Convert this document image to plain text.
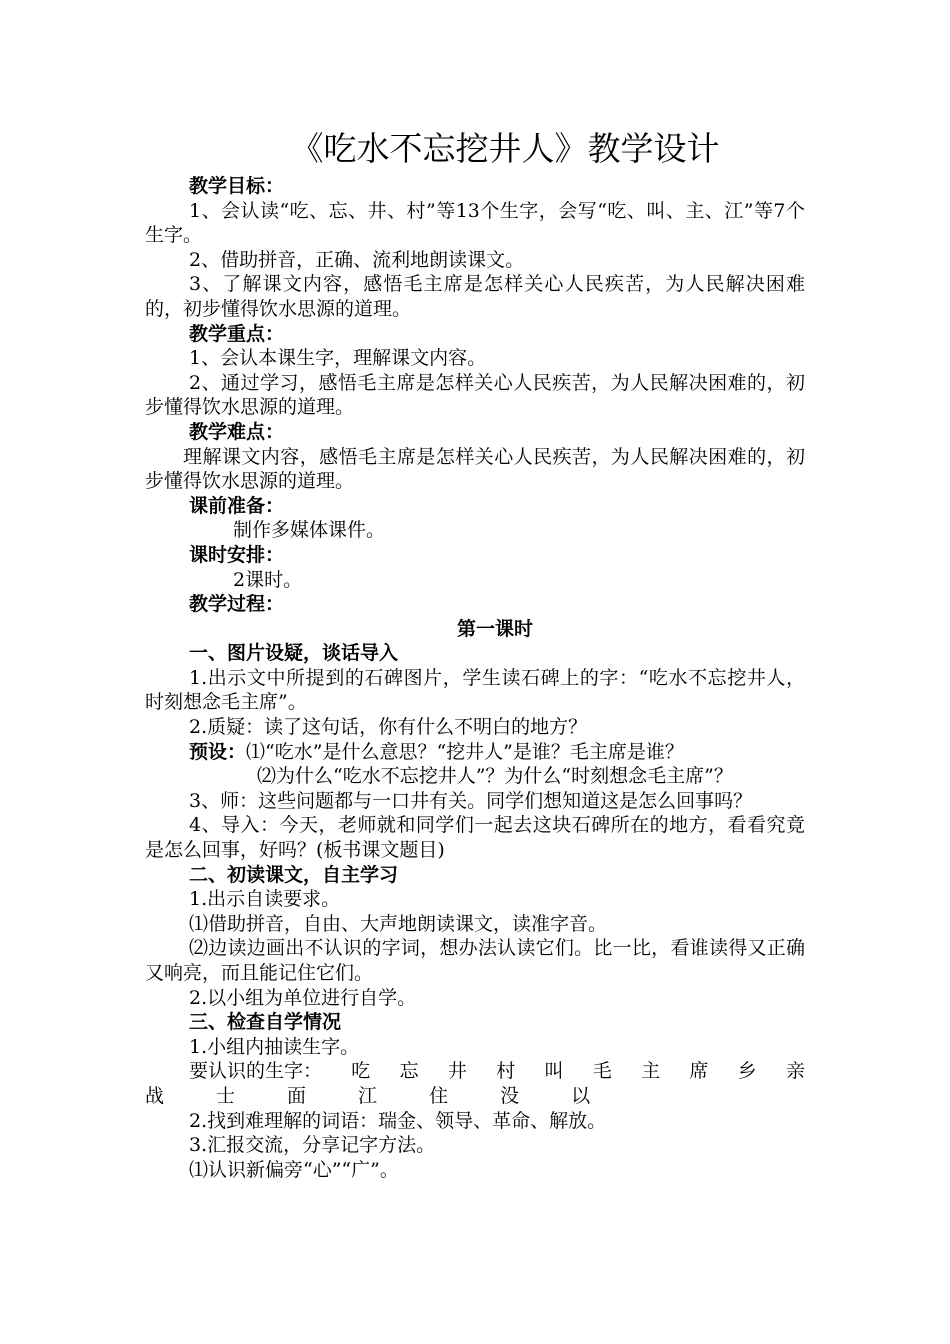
《吃水不忘挖井人》教学设计

教学目标：

1、会认读“吃、忘、井、村”等13个生字，会写“吃、叫、主、江”等7个生字。

2、借助拼音，正确、流利地朗读课文。

3、了解课文内容，感悟毛主席是怎样关心人民疾苦，为人民解决困难的，初步懂得饮水思源的道理。

教学重点：

1、会认本课生字，理解课文内容。

2、通过学习，感悟毛主席是怎样关心人民疾苦，为人民解决困难的，初步懂得饮水思源的道理。

教学难点：

理解课文内容，感悟毛主席是怎样关心人民疾苦，为人民解决困难的，初步懂得饮水思源的道理。

课前准备：

制作多媒体课件。

课时安排：

2课时。

教学过程：

第一课时

一、图片设疑，谈话导入

1.出示文中所提到的石碑图片，学生读石碑上的字：“吃水不忘挖井人，时刻想念毛主席”。

2.质疑：读了这句话，你有什么不明白的地方？

预设：⑴“吃水”是什么意思？“挖井人”是谁？毛主席是谁？

⑵为什么“吃水不忘挖井人”？为什么“时刻想念毛主席”？

3、师：这些问题都与一口井有关。同学们想知道这是怎么回事吗？

4、导入：今天，老师就和同学们一起去这块石碑所在的地方，看看究竟是怎么回事，好吗？(板书课文题目)

二、初读课文，自主学习

1.出示自读要求。

⑴借助拼音，自由、大声地朗读课文，读准字音。

⑵边读边画出不认识的字词，想办法认读它们。比一比，看谁读得又正确又响亮，而且能记住它们。

2.以小组为单位进行自学。

三、检查自学情况

1.小组内抽读生字。

要认识的生字： 吃 忘 井 村 叫 毛 主 席 乡 亲
战	士	面	江	住	没	以

2.找到难理解的词语：瑞金、领导、革命、解放。

3.汇报交流，分享记字方法。

⑴认识新偏旁“心”“广”。
